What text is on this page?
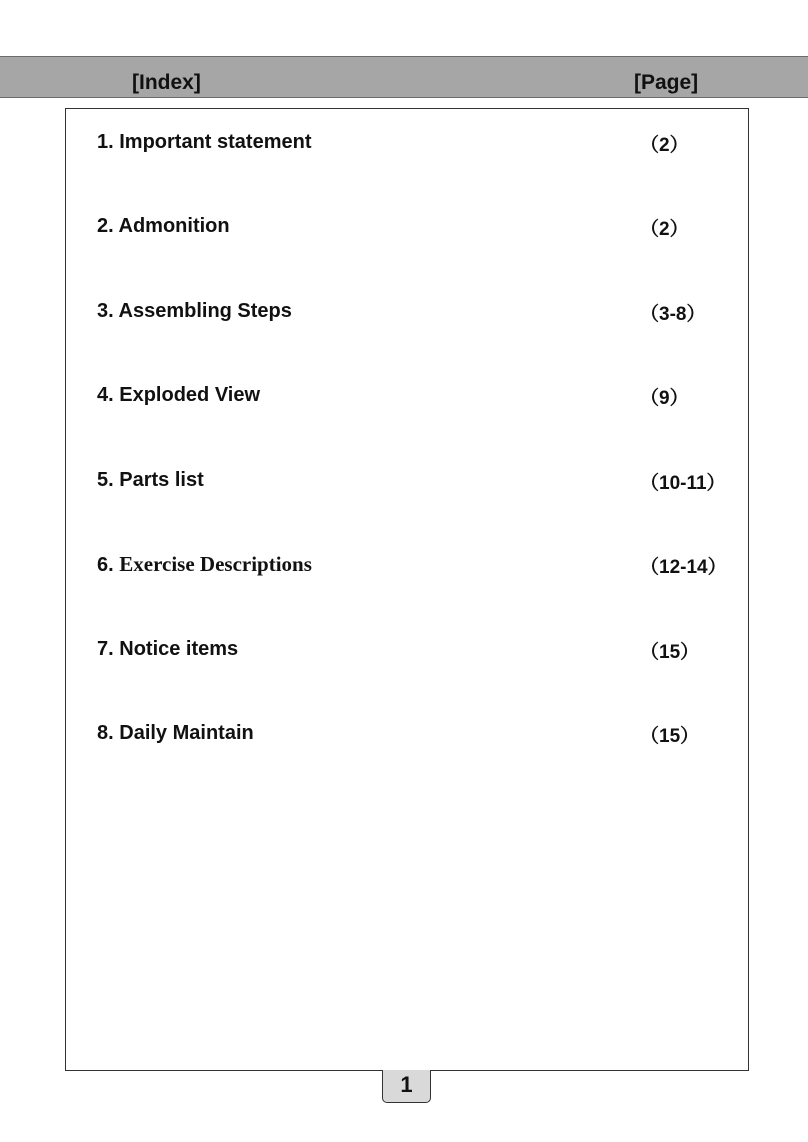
[Index]	[Page]
1. Important statement	（2）
2. Admonition	（2）
3. Assembling Steps	（3-8）
4. Exploded View	（9）
5. Parts list	（10-11）
6. Exercise Descriptions	（12-14）
7. Notice items	（15）
8. Daily Maintain	（15）
1
